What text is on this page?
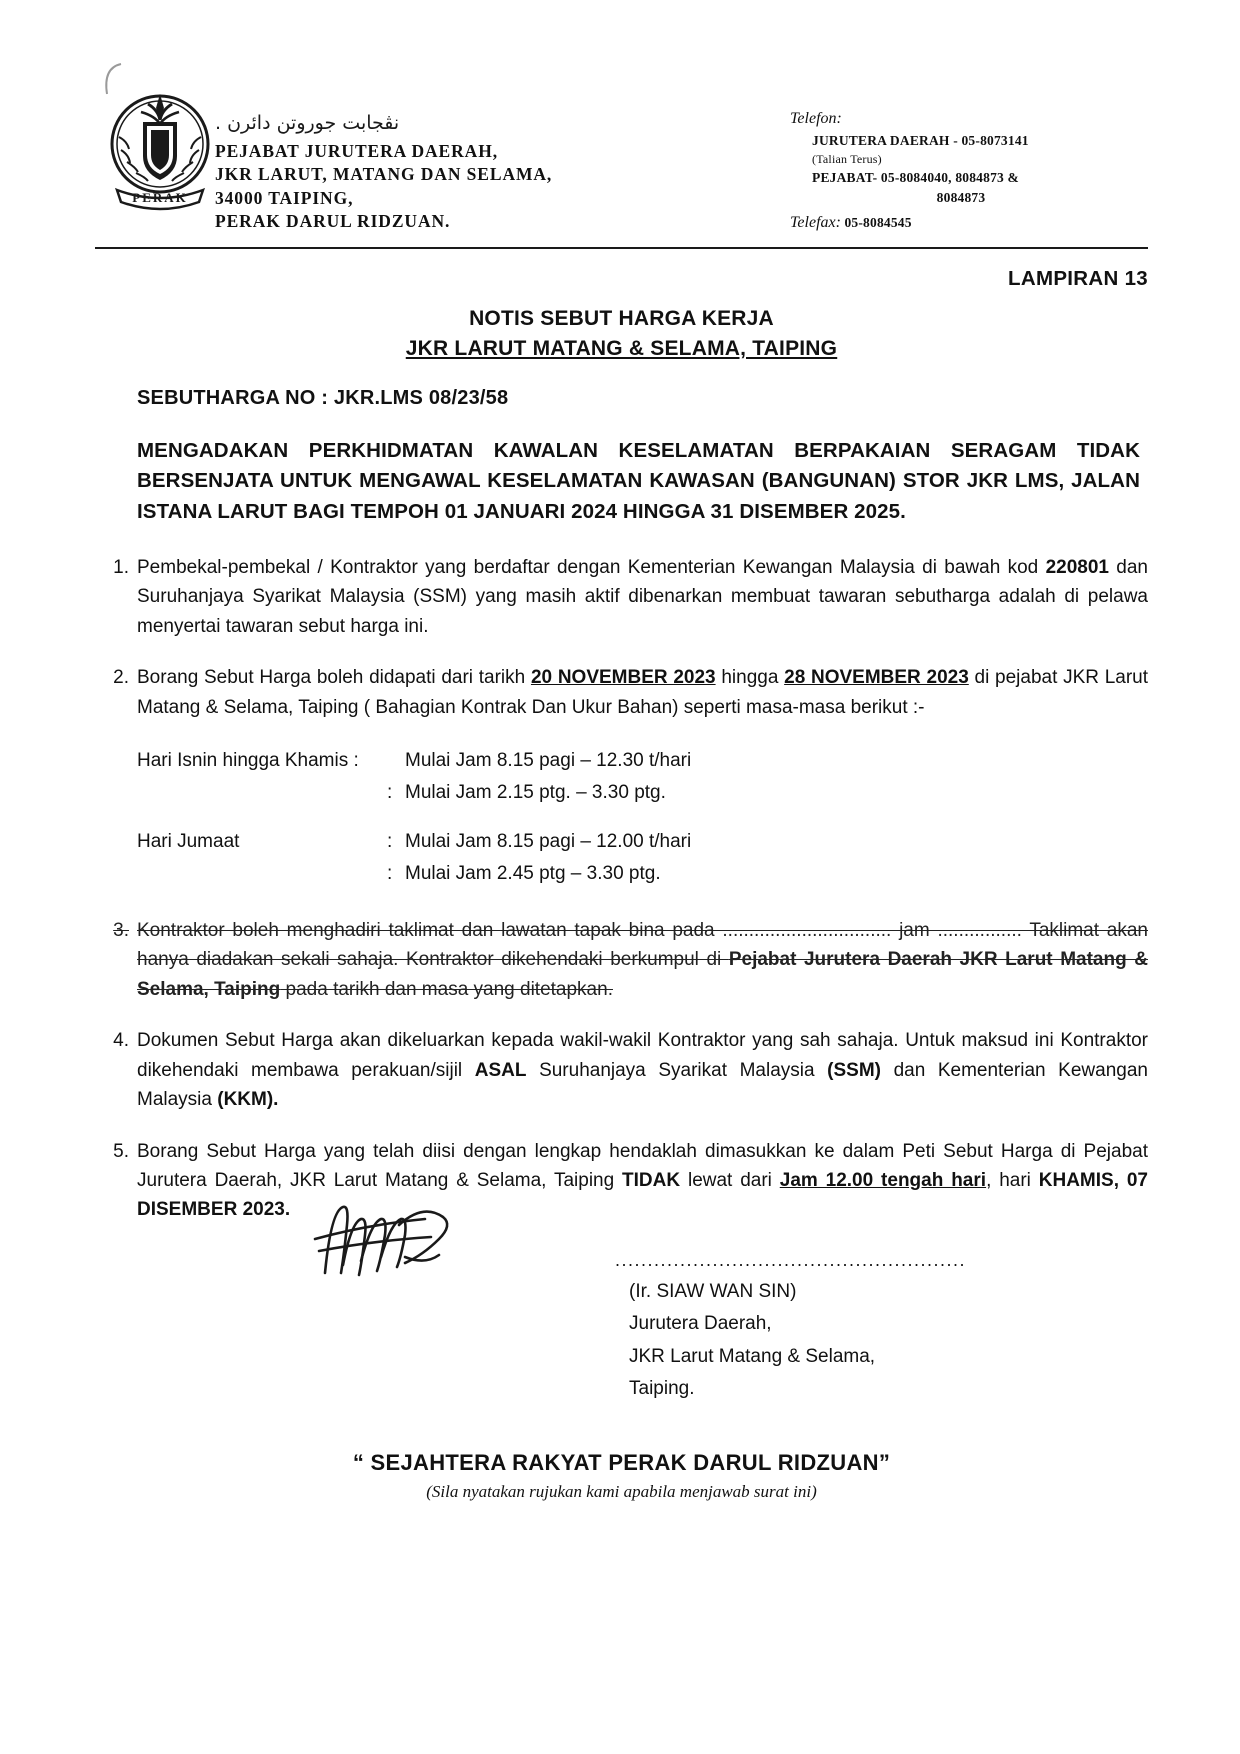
PERAK
نڤجابت جوروتن دائرن .
PEJABAT JURUTERA DAERAH,
JKR LARUT, MATANG DAN SELAMA,
34000 TAIPING,
PERAK DARUL RIDZUAN.
Telefon:
JURUTERA DAERAH - 05-8073141
(Talian Terus)
PEJABAT- 05-8084040, 8084873 &
8084873
Telefax: 05-8084545
LAMPIRAN 13
NOTIS SEBUT HARGA KERJA
JKR LARUT MATANG & SELAMA, TAIPING
SEBUTHARGA NO : JKR.LMS 08/23/58
MENGADAKAN PERKHIDMATAN KAWALAN KESELAMATAN BERPAKAIAN SERAGAM TIDAK BERSENJATA UNTUK MENGAWAL KESELAMATAN KAWASAN (BANGUNAN) STOR JKR LMS, JALAN ISTANA LARUT BAGI TEMPOH 01 JANUARI 2024 HINGGA 31 DISEMBER 2025.
1. Pembekal-pembekal / Kontraktor yang berdaftar dengan Kementerian Kewangan Malaysia di bawah kod 220801 dan Suruhanjaya Syarikat Malaysia (SSM) yang masih aktif dibenarkan membuat tawaran sebutharga adalah di pelawa menyertai tawaran sebut harga ini.
2. Borang Sebut Harga boleh didapati dari tarikh 20 NOVEMBER 2023 hingga 28 NOVEMBER 2023 di pejabat JKR Larut Matang & Selama, Taiping ( Bahagian Kontrak Dan Ukur Bahan) seperti masa-masa berikut :-
Hari Isnin hingga Khamis :		Mulai Jam 8.15 pagi – 12.30 t/hari
	:	Mulai Jam 2.15 ptg. – 3.30 ptg.

Hari Jumaat	:	Mulai Jam 8.15 pagi – 12.00 t/hari
	:	Mulai Jam 2.45 ptg – 3.30 ptg.
3. Kontraktor boleh menghadiri taklimat dan lawatan tapak bina pada ................................ jam ................ Taklimat akan hanya diadakan sekali sahaja. Kontraktor dikehendaki berkumpul di Pejabat Jurutera Daerah JKR Larut Matang & Selama, Taiping pada tarikh dan masa yang ditetapkan.
4. Dokumen Sebut Harga akan dikeluarkan kepada wakil-wakil Kontraktor yang sah sahaja. Untuk maksud ini Kontraktor dikehendaki membawa perakuan/sijil ASAL Suruhanjaya Syarikat Malaysia (SSM) dan Kementerian Kewangan Malaysia (KKM).
5. Borang Sebut Harga yang telah diisi dengan lengkap hendaklah dimasukkan ke dalam Peti Sebut Harga di Pejabat Jurutera Daerah, JKR Larut Matang & Selama, Taiping TIDAK lewat dari Jam 12.00 tengah hari, hari KHAMIS, 07 DISEMBER 2023.
......................................................
(Ir. SIAW WAN SIN)
Jurutera Daerah,
JKR Larut Matang & Selama,
Taiping.
“ SEJAHTERA RAKYAT PERAK DARUL RIDZUAN”
(Sila nyatakan rujukan kami apabila menjawab surat ini)
